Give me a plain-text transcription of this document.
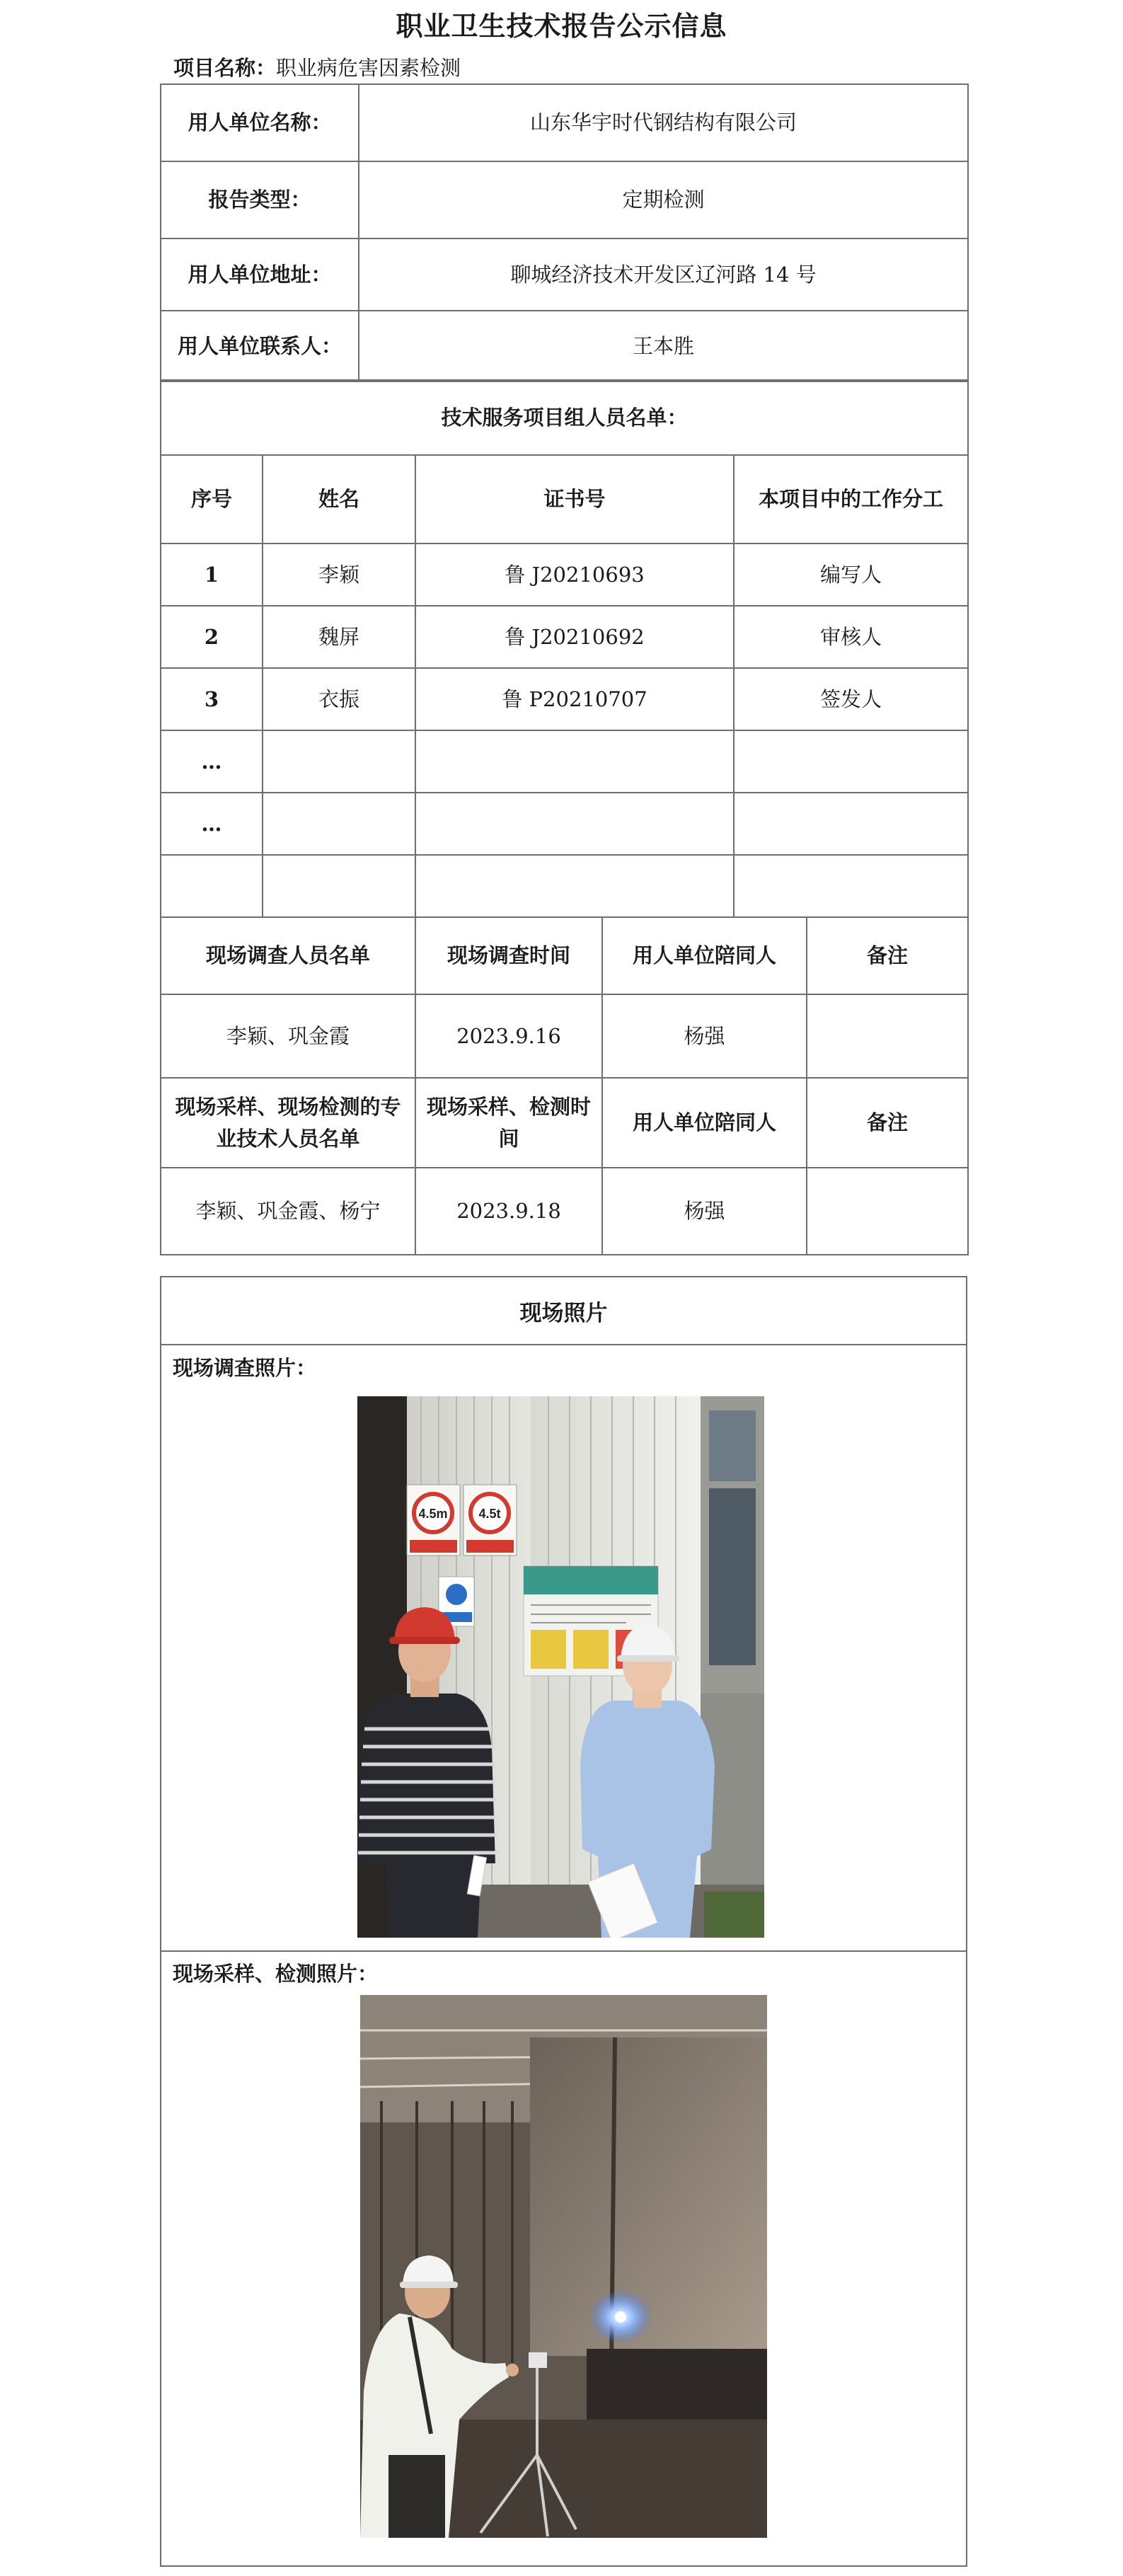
职业卫生技术报告公示信息
项目名称：职业病危害因素检测
用人单位名称：	山东华宇时代钢结构有限公司
报告类型：	定期检测
用人单位地址：	聊城经济技术开发区辽河路 14 号
用人单位联系人：	王本胜
技术服务项目组人员名单：			
序号	姓名	证书号	本项目中的工作分工
1	李颖	鲁 J20210693	编写人
2	魏屏	鲁 J20210692	审核人
3	衣振	鲁 P20210707	签发人
…			
…			

现场调查人员名单	现场调查时间	用人单位陪同人	备注
李颖、巩金霞	2023.9.16	杨强	
现场采样、现场检测的专业技术人员名单	现场采样、检测时间	用人单位陪同人	备注
李颖、巩金霞、杨宁	2023.9.18	杨强	
现场照片
现场调查照片：
4.5m 4.5t
现场采样、检测照片：
